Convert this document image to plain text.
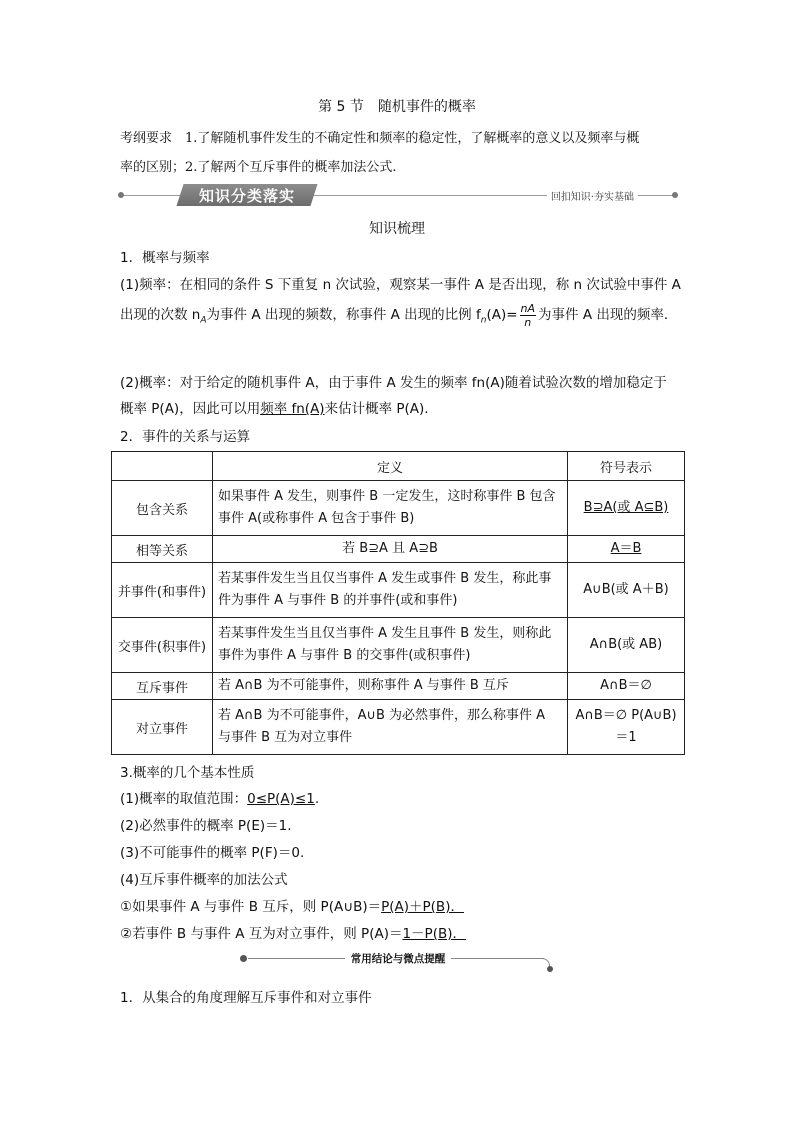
第 5 节　随机事件的概率
考纲要求　 1.了解随机事件发生的不确定性和频率的稳定性，了解概率的意义以及频率与概
率的区别；2.了解两个互斥事件的概率加法公式.
知识分类落实	回扣知识·夯实基础
知识梳理
1．概率与频率
(1)频率：在相同的条件 S 下重复 n 次试验，观察某一事件 A 是否出现，称 n 次试验中事件 A
出现的次数 $n_A$为事件 A 出现的频数，称事件 A 出现的比例 $f_n(A)= \frac{nA}{n}$ 为事件 A 出现的频率．
(2)概率：对于给定的随机事件 A，由于事件 A 发生的频率 fn(A)随着试验次数的增加稳定于
概率 P(A)，因此可以用频率 fn(A)来估计概率 P(A).
2．事件的关系与运算
	定义	符号表示
包含关系	如果事件 A 发生，则事件 B 一定发生，这时称事件 B 包含事件 A(或称事件 A 包含于事件 B)	B⊇A(或 A⊆B)
相等关系	若 B⊇A 且 A⊇B	A＝B
并事件(和事件)	若某事件发生当且仅当事件 A 发生或事件 B 发生，称此事件为事件 A 与事件 B 的并事件(或和事件)	A∪B(或 A＋B)
交事件(积事件)	若某事件发生当且仅当事件 A 发生且事件 B 发生，则称此事件为事件 A 与事件 B 的交事件(或积事件)	A∩B(或 AB)
互斥事件	若 A∩B 为不可能事件，则称事件 A 与事件 B 互斥	A∩B＝∅
对立事件	若 A∩B 为不可能事件，A∪B 为必然事件，那么称事件 A 与事件 B 互为对立事件	A∩B＝∅ P(A∪B)＝1
3.概率的几个基本性质
(1)概率的取值范围：0≤P(A)≤1.
(2)必然事件的概率 P(E)＝1.
(3)不可能事件的概率 P(F)＝0.
(4)互斥事件概率的加法公式
①如果事件 A 与事件 B 互斥，则 P(A∪B)＝P(A)＋P(B)．
②若事件 B 与事件 A 互为对立事件，则 P(A)＝1－P(B)．
常用结论与微点提醒
1．从集合的角度理解互斥事件和对立事件
